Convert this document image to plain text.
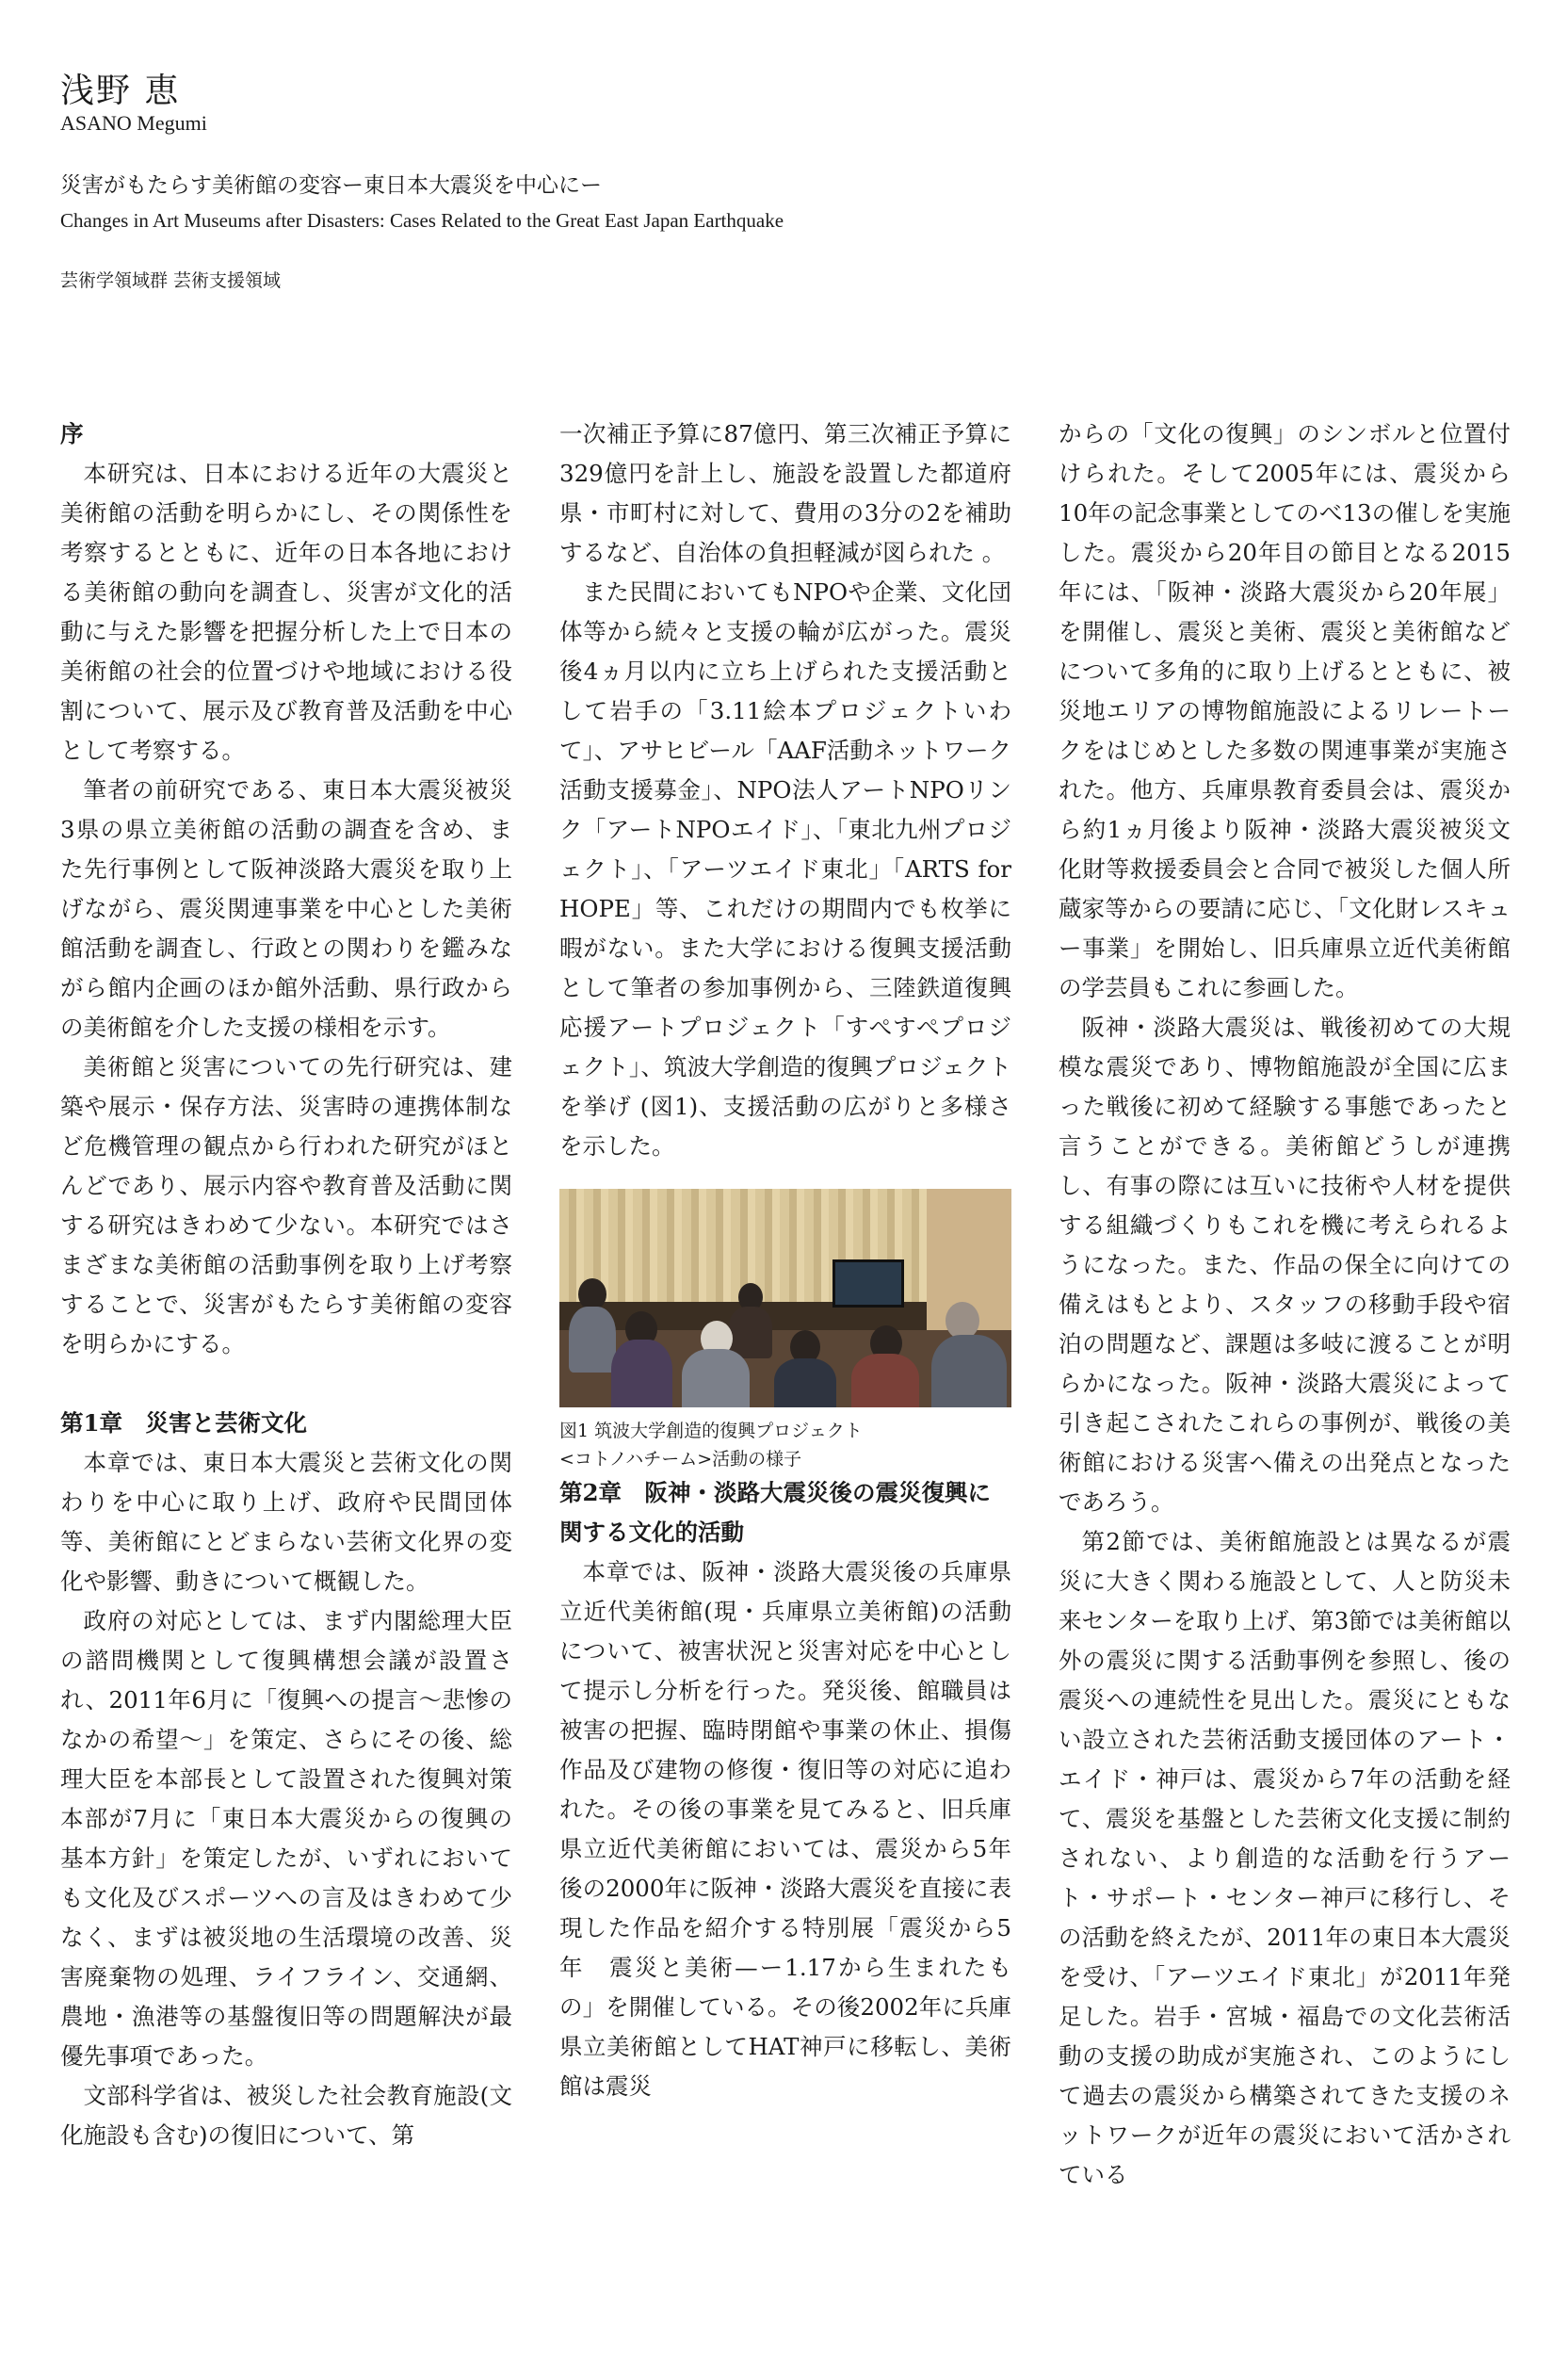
浅野 恵
ASANO Megumi
災害がもたらす美術館の変容ー東日本大震災を中心にー
Changes in Art Museums after Disasters: Cases Related to the Great East Japan Earthquake
芸術学領域群 芸術支援領域
序

本研究は、日本における近年の大震災と美術館の活動を明らかにし、その関係性を考察するとともに、近年の日本各地における美術館の動向を調査し、災害が文化的活動に与えた影響を把握分析した上で日本の美術館の社会的位置づけや地域における役割について、展示及び教育普及活動を中心として考察する。

筆者の前研究である、東日本大震災被災3県の県立美術館の活動の調査を含め、また先行事例として阪神淡路大震災を取り上げながら、震災関連事業を中心とした美術館活動を調査し、行政との関わりを鑑みながら館内企画のほか館外活動、県行政からの美術館を介した支援の様相を示す。

美術館と災害についての先行研究は、建築や展示・保存方法、災害時の連携体制など危機管理の観点から行われた研究がほとんどであり、展示内容や教育普及活動に関する研究はきわめて少ない。本研究ではさまざまな美術館の活動事例を取り上げ考察することで、災害がもたらす美術館の変容を明らかにする。

第1章　災害と芸術文化

本章では、東日本大震災と芸術文化の関わりを中心に取り上げ、政府や民間団体等、美術館にとどまらない芸術文化界の変化や影響、動きについて概観した。

政府の対応としては、まず内閣総理大臣の諮問機関として復興構想会議が設置され、2011年6月に「復興への提言〜悲惨のなかの希望〜」を策定、さらにその後、総理大臣を本部長として設置された復興対策本部が7月に「東日本大震災からの復興の基本方針」を策定したが、いずれにおいても文化及びスポーツへの言及はきわめて少なく、まずは被災地の生活環境の改善、災害廃棄物の処理、ライフライン、交通網、農地・漁港等の基盤復旧等の問題解決が最優先事項であった。

文部科学省は、被災した社会教育施設(文化施設も含む)の復旧について、第

一次補正予算に87億円、第三次補正予算に329億円を計上し、施設を設置した都道府県・市町村に対して、費用の3分の2を補助するなど、自治体の負担軽減が図られた 。

また民間においてもNPOや企業、文化団体等から続々と支援の輪が広がった。震災後4ヵ月以内に立ち上げられた支援活動として岩手の「3.11絵本プロジェクトいわて」、アサヒビール「AAF活動ネットワーク活動支援募金」、NPO法人アートNPOリンク「アートNPOエイド」、「東北九州プロジェクト」、「アーツエイド東北」「ARTS for HOPE」等、これだけの期間内でも枚挙に暇がない。また大学における復興支援活動 として筆者の参加事例から、三陸鉄道復興応援アートプロジェクト「すぺすぺプロジェクト」、筑波大学創造的復興プロジェクトを挙げ (図1)、支援活動の広がりと多様さを示した。

図1 筑波大学創造的復興プロジェクト
<コトノハチーム>活動の様子

第2章　阪神・淡路大震災後の震災復興に関する文化的活動

本章では、阪神・淡路大震災後の兵庫県立近代美術館(現・兵庫県立美術館)の活動について、被害状況と災害対応を中心として提示し分析を行った。発災後、館職員は被害の把握、臨時閉館や事業の休止、損傷作品及び建物の修復・復旧等の対応に追われた。その後の事業を見てみると、旧兵庫県立近代美術館においては、震災から5年後の2000年に阪神・淡路大震災を直接に表現した作品を紹介する特別展「震災から5年　震災と美術—ー1.17から生まれたもの」を開催している。その後2002年に兵庫県立美術館としてHAT神戸に移転し、美術館は震災

からの「文化の復興」のシンボルと位置付けられた。そして2005年には、震災から10年の記念事業としてのべ13の催しを実施した。震災から20年目の節目となる2015年には、「阪神・淡路大震災から20年展」を開催し、震災と美術、震災と美術館などについて多角的に取り上げるとともに、被災地エリアの博物館施設によるリレートークをはじめとした多数の関連事業が実施された。他方、兵庫県教育委員会は、震災から約1ヵ月後より阪神・淡路大震災被災文化財等救援委員会と合同で被災した個人所蔵家等からの要請に応じ、「文化財レスキュー事業」を開始し、旧兵庫県立近代美術館の学芸員もこれに参画した。

阪神・淡路大震災は、戦後初めての大規模な震災であり、博物館施設が全国に広まった戦後に初めて経験する事態であったと言うことができる。美術館どうしが連携し、有事の際には互いに技術や人材を提供する組織づくりもこれを機に考えられるようになった。また、作品の保全に向けての備えはもとより、スタッフの移動手段や宿泊の問題など、課題は多岐に渡ることが明らかになった。阪神・淡路大震災によって引き起こされたこれらの事例が、戦後の美術館における災害へ備えの出発点となったであろう。

第2節では、美術館施設とは異なるが震災に大きく関わる施設として、人と防災未来センターを取り上げ、第3節では美術館以外の震災に関する活動事例を参照し、後の震災への連続性を見出した。震災にともない設立された芸術活動支援団体のアート・エイド・神戸は、震災から7年の活動を経て、震災を基盤とした芸術文化支援に制約されない、より創造的な活動を行うアート・サポート・センター神戸に移行し、その活動を終えたが、2011年の東日本大震災を受け、「アーツエイド東北」が2011年発足した。岩手・宮城・福島での文化芸術活動の支援の助成が実施され、このようにして過去の震災から構築されてきた支援のネットワークが近年の震災において活かされている
